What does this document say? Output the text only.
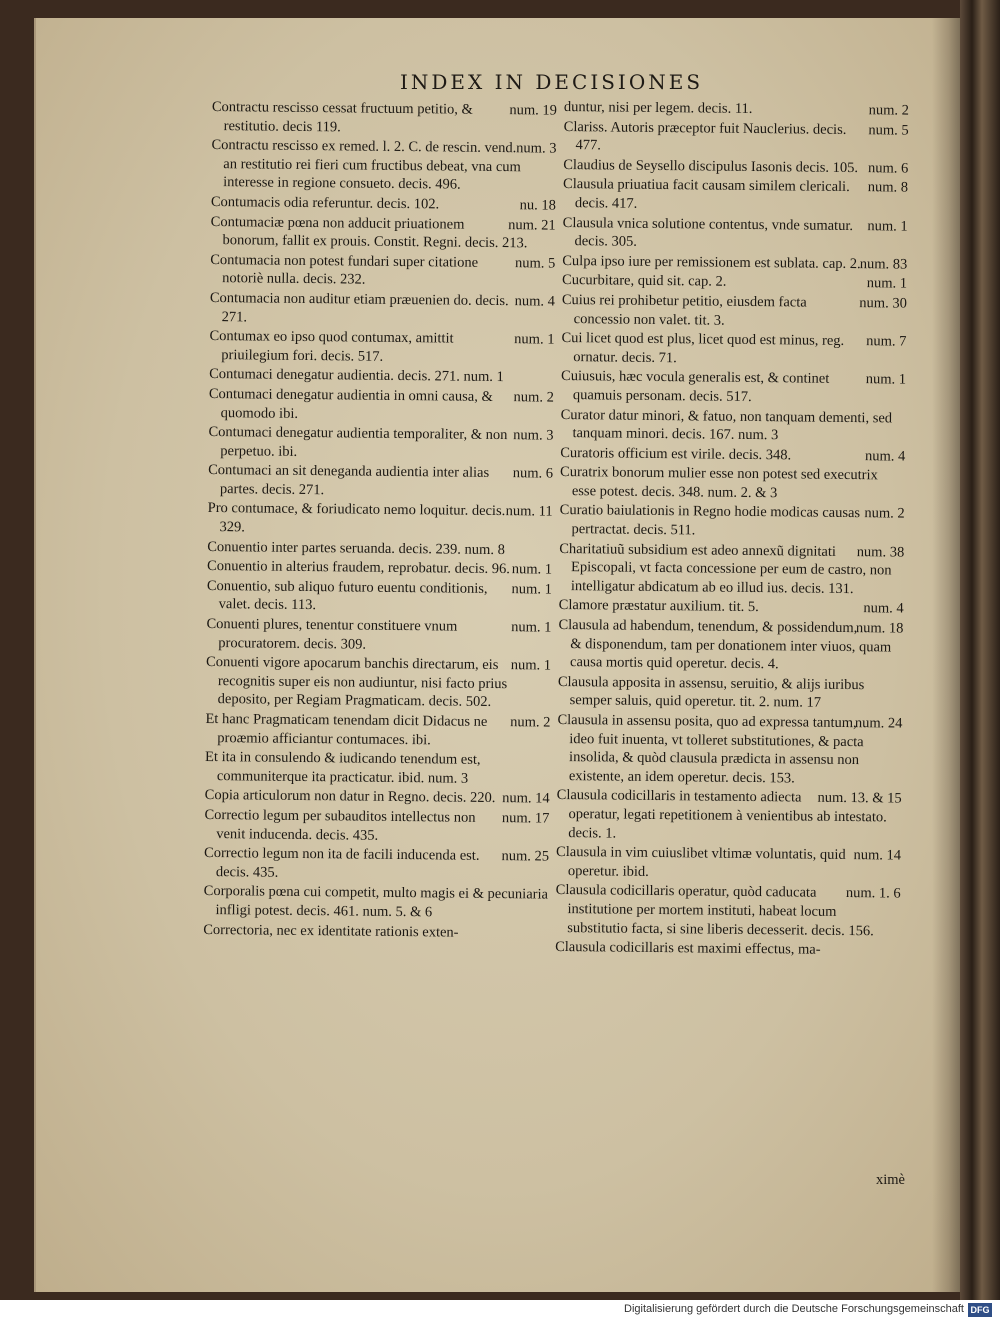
INDEX IN DECISIONES
num. 19
Contractu rescisso cessat fructuum petitio, & restitutio. decis 119.
num. 3
Contractu rescisso ex remed. l. 2. C. de rescin. vend. an restitutio rei fieri cum fructibus debeat, vna cum interesse in regione consueto. decis. 496.
nu. 18
Contumacis odia referuntur. decis. 102.
num. 21
Contumaciæ pœna non adducit priuationem bonorum, fallit ex prouis. Constit. Regni. decis. 213.
num. 5
Contumacia non potest fundari super citatione notoriè nulla. decis. 232.
num. 4
Contumacia non auditur etiam præuenien do. decis. 271.
num. 1
Contumax eo ipso quod contumax, amittit priuilegium fori. decis. 517.
Contumaci denegatur audientia. decis. 271. num. 1
num. 2
Contumaci denegatur audientia in omni causa, & quomodo ibi.
num. 3
Contumaci denegatur audientia temporaliter, & non perpetuo. ibi.
num. 6
Contumaci an sit deneganda audientia inter alias partes. decis. 271.
num. 11
Pro contumace, & foriudicato nemo loquitur. decis. 329.
Conuentio inter partes seruanda. decis. 239. num. 8
num. 1
Conuentio in alterius fraudem, reprobatur. decis. 96.
num. 1
Conuentio, sub aliquo futuro euentu conditionis, valet. decis. 113.
num. 1
Conuenti plures, tenentur constituere vnum procuratorem. decis. 309.
num. 1
Conuenti vigore apocarum banchis directarum, eis recognitis super eis non audiuntur, nisi facto prius deposito, per Regiam Pragmaticam. decis. 502.
num. 2
Et hanc Pragmaticam tenendam dicit Didacus ne proæmio afficiantur contumaces. ibi.
Et ita in consulendo & iudicando tenendum est, communiterque ita practicatur. ibid. num. 3
num. 14
Copia articulorum non datur in Regno. decis. 220.
num. 17
Correctio legum per subauditos intellectus non venit inducenda. decis. 435.
num. 25
Correctio legum non ita de facili inducenda est. decis. 435.
Corporalis pœna cui competit, multo magis ei & pecuniaria infligi potest. decis. 461. num. 5. & 6
Correctoria, nec ex identitate rationis exten-
num. 2
duntur, nisi per legem. decis. 11.
num. 5
Clariss. Autoris præceptor fuit Nauclerius. decis. 477.
num. 6
Claudius de Seysello discipulus Iasonis decis. 105.
num. 8
Clausula priuatiua facit causam similem clericali. decis. 417.
num. 1
Clausula vnica solutione contentus, vnde sumatur. decis. 305.
num. 83
Culpa ipso iure per remissionem est sublata. cap. 2.
num. 1
Cucurbitare, quid sit. cap. 2.
num. 30
Cuius rei prohibetur petitio, eiusdem facta concessio non valet. tit. 3.
num. 7
Cui licet quod est plus, licet quod est minus, reg. ornatur. decis. 71.
num. 1
Cuiusuis, hæc vocula generalis est, & continet quamuis personam. decis. 517.
Curator datur minori, & fatuo, non tanquam dementi, sed tanquam minori. decis. 167. num. 3
num. 4
Curatoris officium est virile. decis. 348.
Curatrix bonorum mulier esse non potest sed executrix esse potest. decis. 348. num. 2. & 3
num. 2
Curatio baiulationis in Regno hodie modicas causas pertractat. decis. 511.
num. 38
Charitatiuũ subsidium est adeo annexũ dignitati Episcopali, vt facta concessione per eum de castro, non intelligatur abdicatum ab eo illud ius. decis. 131.
num. 4
Clamore præstatur auxilium. tit. 5.
num. 18
Clausula ad habendum, tenendum, & possidendum, & disponendum, tam per donationem inter viuos, quam causa mortis quid operetur. decis. 4.
Clausula apposita in assensu, seruitio, & alijs iuribus semper saluis, quid operetur. tit. 2. num. 17
num. 24
Clausula in assensu posita, quo ad expressa tantum, ideo fuit inuenta, vt tolleret substitutiones, & pacta insolida, & quòd clausula prædicta in assensu non existente, an idem operetur. decis. 153.
num. 13. & 15
Clausula codicillaris in testamento adiecta operatur, legati repetitionem à venientibus ab intestato. decis. 1.
num. 14
Clausula in vim cuiuslibet vltimæ voluntatis, quid operetur. ibid.
num. 1. 6
Clausula codicillaris operatur, quòd caducata institutione per mortem instituti, habeat locum substitutio facta, si sine liberis decesserit. decis. 156.
Clausula codicillaris est maximi effectus, ma-
ximè
Digitalisierung gefördert durch die Deutsche Forschungsgemeinschaft DFG
